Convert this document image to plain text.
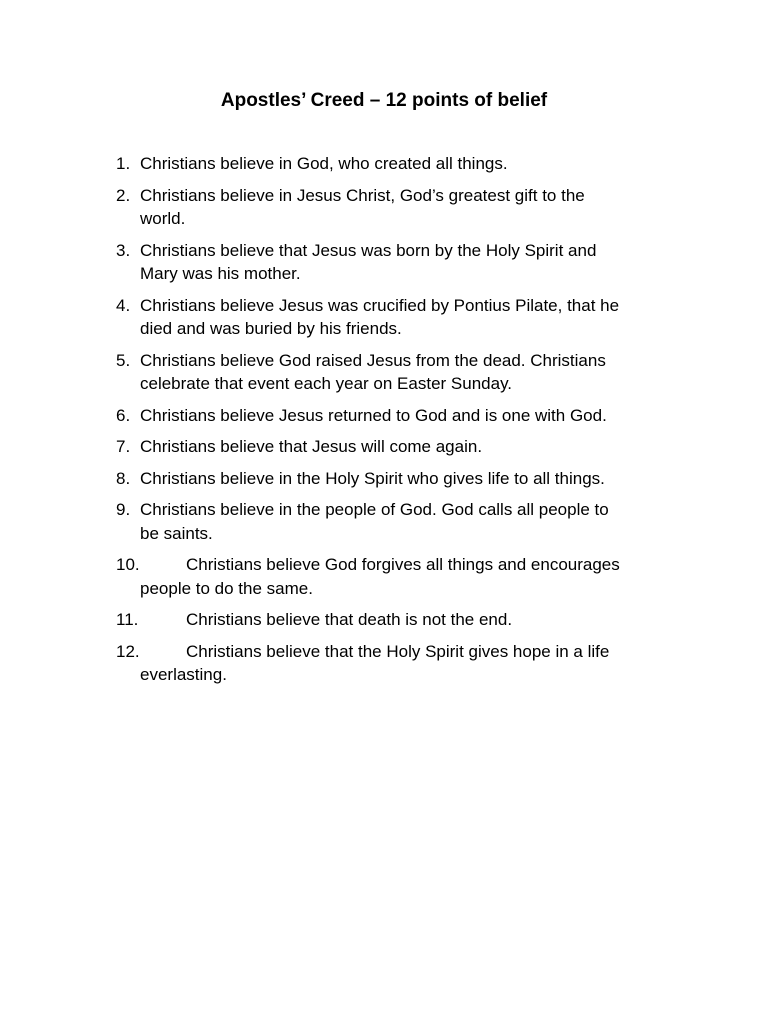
Apostles’ Creed – 12 points of belief
1. Christians believe in God, who created all things.
2. Christians believe in Jesus Christ, God’s greatest gift to the
world.
3. Christians believe that Jesus was born by the Holy Spirit and
Mary was his mother.
4. Christians believe Jesus was crucified by Pontius Pilate, that he
died and was buried by his friends.
5. Christians believe God raised Jesus from the dead. Christians
celebrate that event each year on Easter Sunday.
6. Christians believe Jesus returned to God and is one with God.
7. Christians believe that Jesus will come again.
8. Christians believe in the Holy Spirit who gives life to all things.
9. Christians believe in the people of God. God calls all people to
be saints.
10.	Christians believe God forgives all things and encourages
people to do the same.
11.	Christians believe that death is not the end.
12.	Christians believe that the Holy Spirit gives hope in a life
everlasting.
